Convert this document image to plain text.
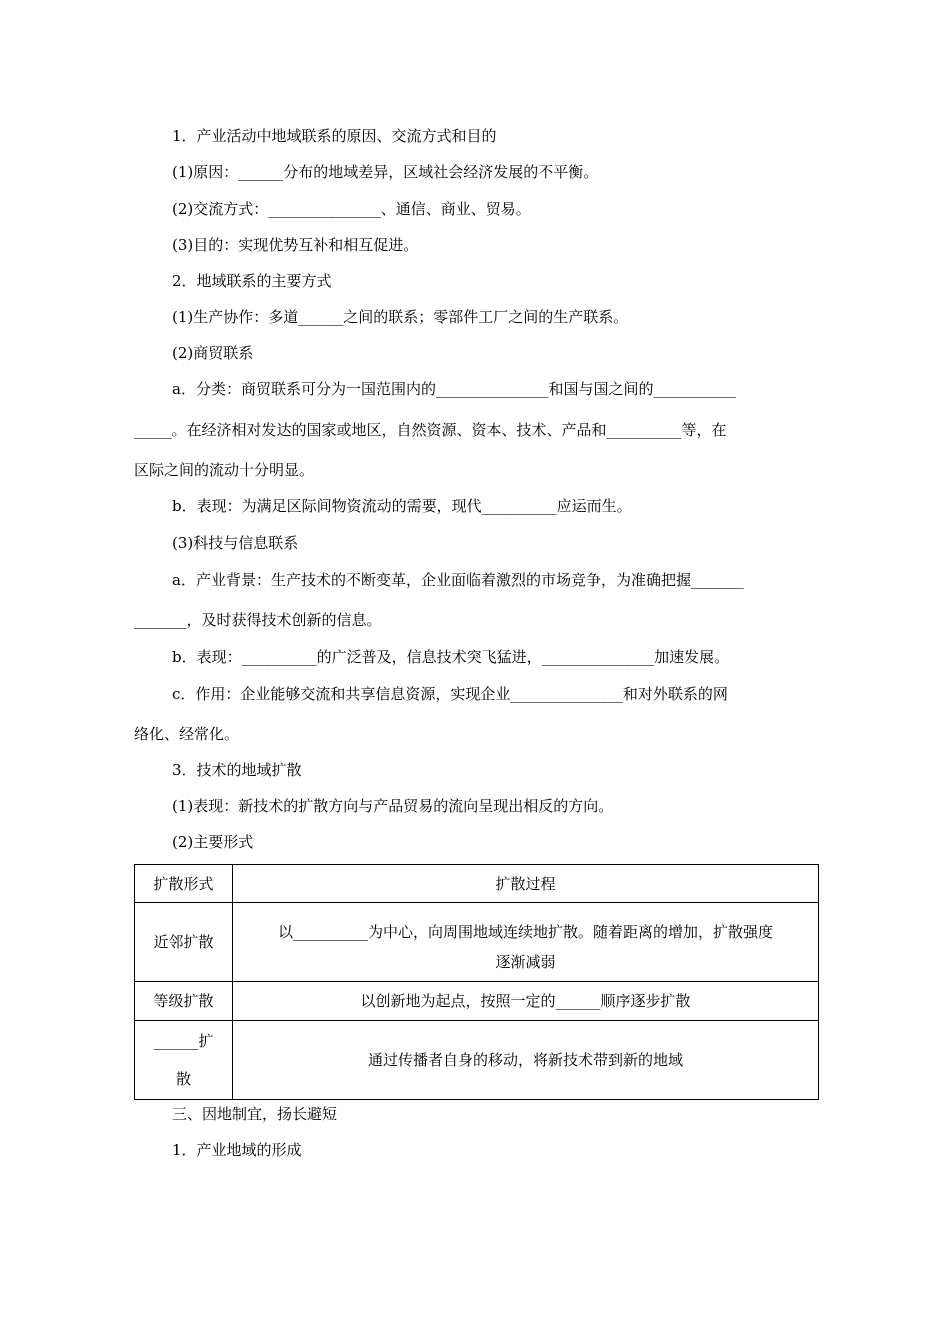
1．产业活动中地域联系的原因、交流方式和目的
(1)原因：______分布的地域差异，区域社会经济发展的不平衡。
(2)交流方式：_______________、通信、商业、贸易。
(3)目的：实现优势互补和相互促进。
2．地域联系的主要方式
(1)生产协作：多道______之间的联系；零部件工厂之间的生产联系。
(2)商贸联系
a．分类：商贸联系可分为一国范围内的_______________和国与国之间的___________
_____。在经济相对发达的国家或地区，自然资源、资本、技术、产品和__________等，在
区际之间的流动十分明显。
b．表现：为满足区际间物资流动的需要，现代__________应运而生。
(3)科技与信息联系
a．产业背景：生产技术的不断变革，企业面临着激烈的市场竞争，为准确把握_______
_______，及时获得技术创新的信息。
b．表现：__________的广泛普及，信息技术突飞猛进，_______________加速发展。
c．作用：企业能够交流和共享信息资源，实现企业_______________和对外联系的网
络化、经常化。
3．技术的地域扩散
(1)表现：新技术的扩散方向与产品贸易的流向呈现出相反的方向。
(2)主要形式
扩散形式	扩散过程
近邻扩散	以__________为中心，向周围地域连续地扩散。随着距离的增加，扩散强度
逐渐减弱

等级扩散	以创新地为起点，按照一定的______顺序逐步扩散

______扩
散	通过传播者自身的移动，将新技术带到新的地域
三、因地制宜，扬长避短
1．产业地域的形成
